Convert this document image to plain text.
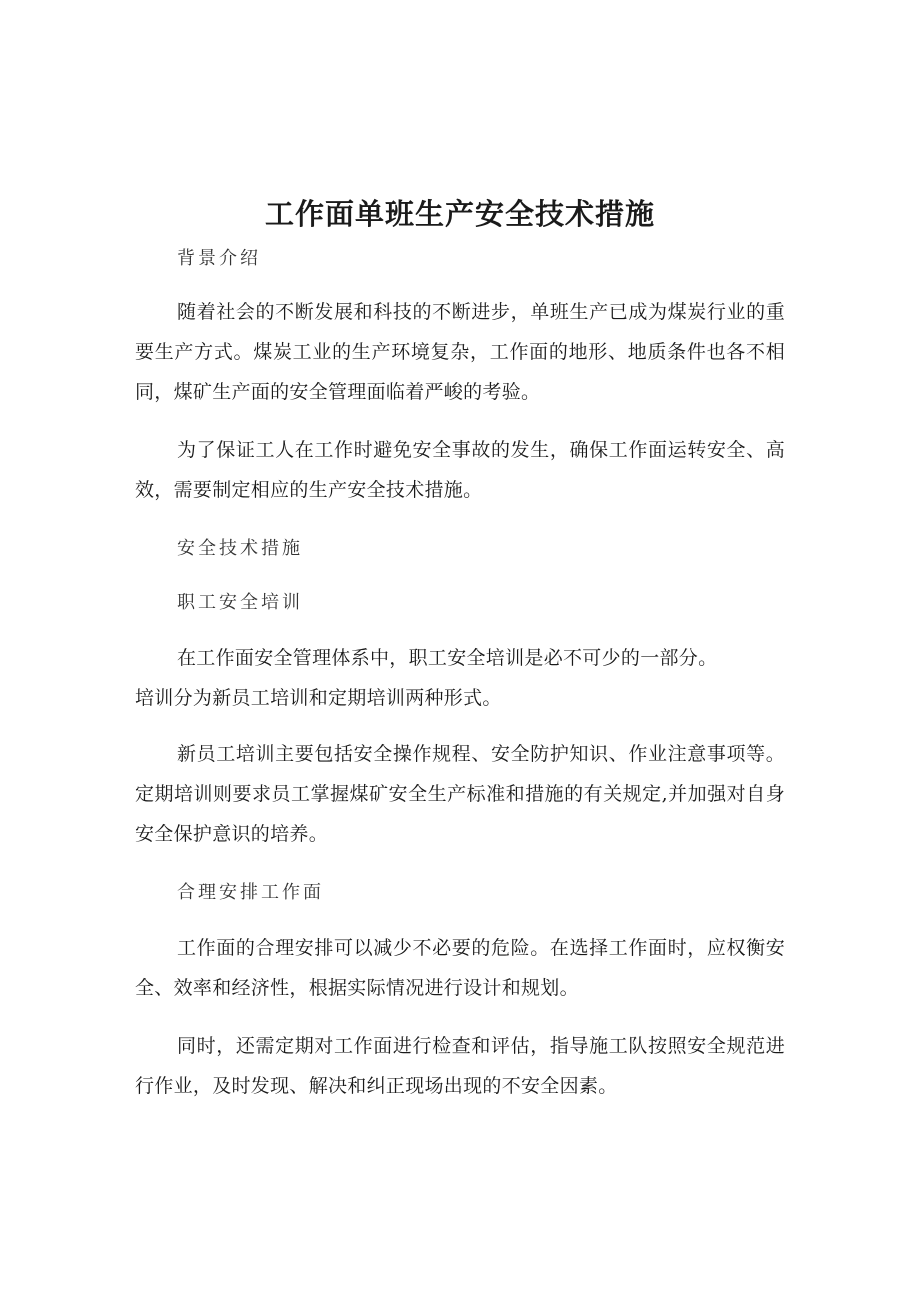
工作面单班生产安全技术措施
背景介绍
随着社会的不断发展和科技的不断进步，单班生产已成为煤炭行业的重要生产方式。煤炭工业的生产环境复杂，工作面的地形、地质条件也各不相同，煤矿生产面的安全管理面临着严峻的考验。
为了保证工人在工作时避免安全事故的发生，确保工作面运转安全、高效，需要制定相应的生产安全技术措施。
安全技术措施
职工安全培训
在工作面安全管理体系中，职工安全培训是必不可少的一部分。
培训分为新员工培训和定期培训两种形式。
新员工培训主要包括安全操作规程、安全防护知识、作业注意事项等。定期培训则要求员工掌握煤矿安全生产标准和措施的有关规定,并加强对自身安全保护意识的培养。
合理安排工作面
工作面的合理安排可以减少不必要的危险。在选择工作面时，应权衡安全、效率和经济性，根据实际情况进行设计和规划。
同时，还需定期对工作面进行检查和评估，指导施工队按照安全规范进行作业，及时发现、解决和纠正现场出现的不安全因素。
